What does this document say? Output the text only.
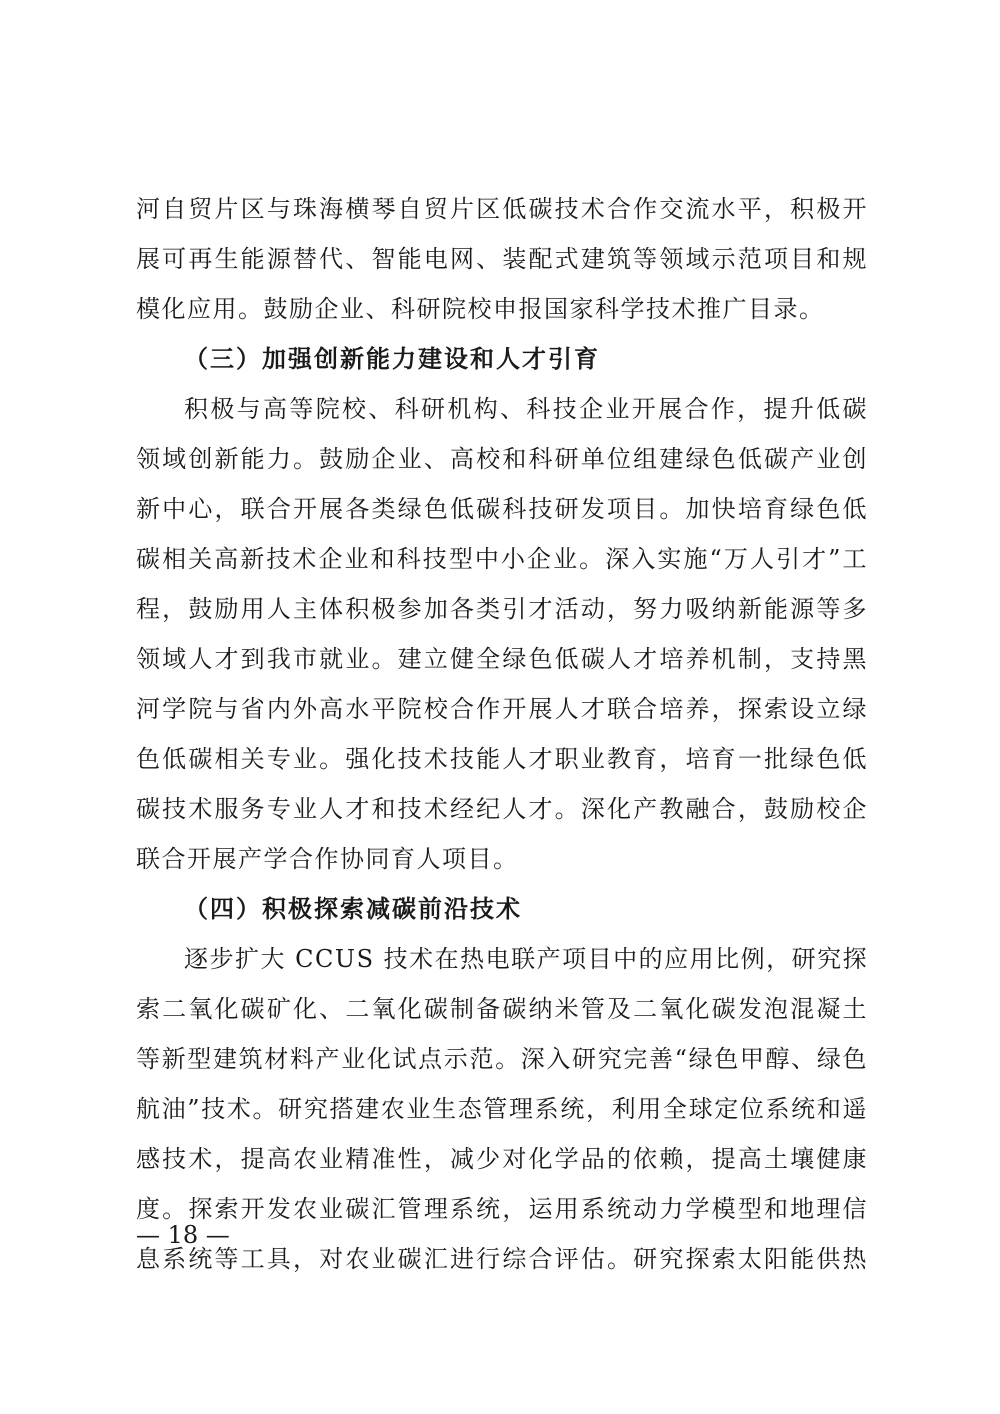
河自贸片区与珠海横琴自贸片区低碳技术合作交流水平，积极开
展可再生能源替代、智能电网、装配式建筑等领域示范项目和规
模化应用。鼓励企业、科研院校申报国家科学技术推广目录。
（三）加强创新能力建设和人才引育
积极与高等院校、科研机构、科技企业开展合作，提升低碳
领域创新能力。鼓励企业、高校和科研单位组建绿色低碳产业创
新中心，联合开展各类绿色低碳科技研发项目。加快培育绿色低
碳相关高新技术企业和科技型中小企业。深入实施“万人引才”工
程，鼓励用人主体积极参加各类引才活动，努力吸纳新能源等多
领域人才到我市就业。建立健全绿色低碳人才培养机制，支持黑
河学院与省内外高水平院校合作开展人才联合培养，探索设立绿
色低碳相关专业。强化技术技能人才职业教育，培育一批绿色低
碳技术服务专业人才和技术经纪人才。深化产教融合，鼓励校企
联合开展产学合作协同育人项目。
（四）积极探索减碳前沿技术
逐步扩大 CCUS 技术在热电联产项目中的应用比例，研究探
索二氧化碳矿化、二氧化碳制备碳纳米管及二氧化碳发泡混凝土
等新型建筑材料产业化试点示范。深入研究完善“绿色甲醇、绿色
航油”技术。研究搭建农业生态管理系统，利用全球定位系统和遥
感技术，提高农业精准性，减少对化学品的依赖，提高土壤健康
度。探索开发农业碳汇管理系统，运用系统动力学模型和地理信
息系统等工具，对农业碳汇进行综合评估。研究探索太阳能供热
— 18 —
